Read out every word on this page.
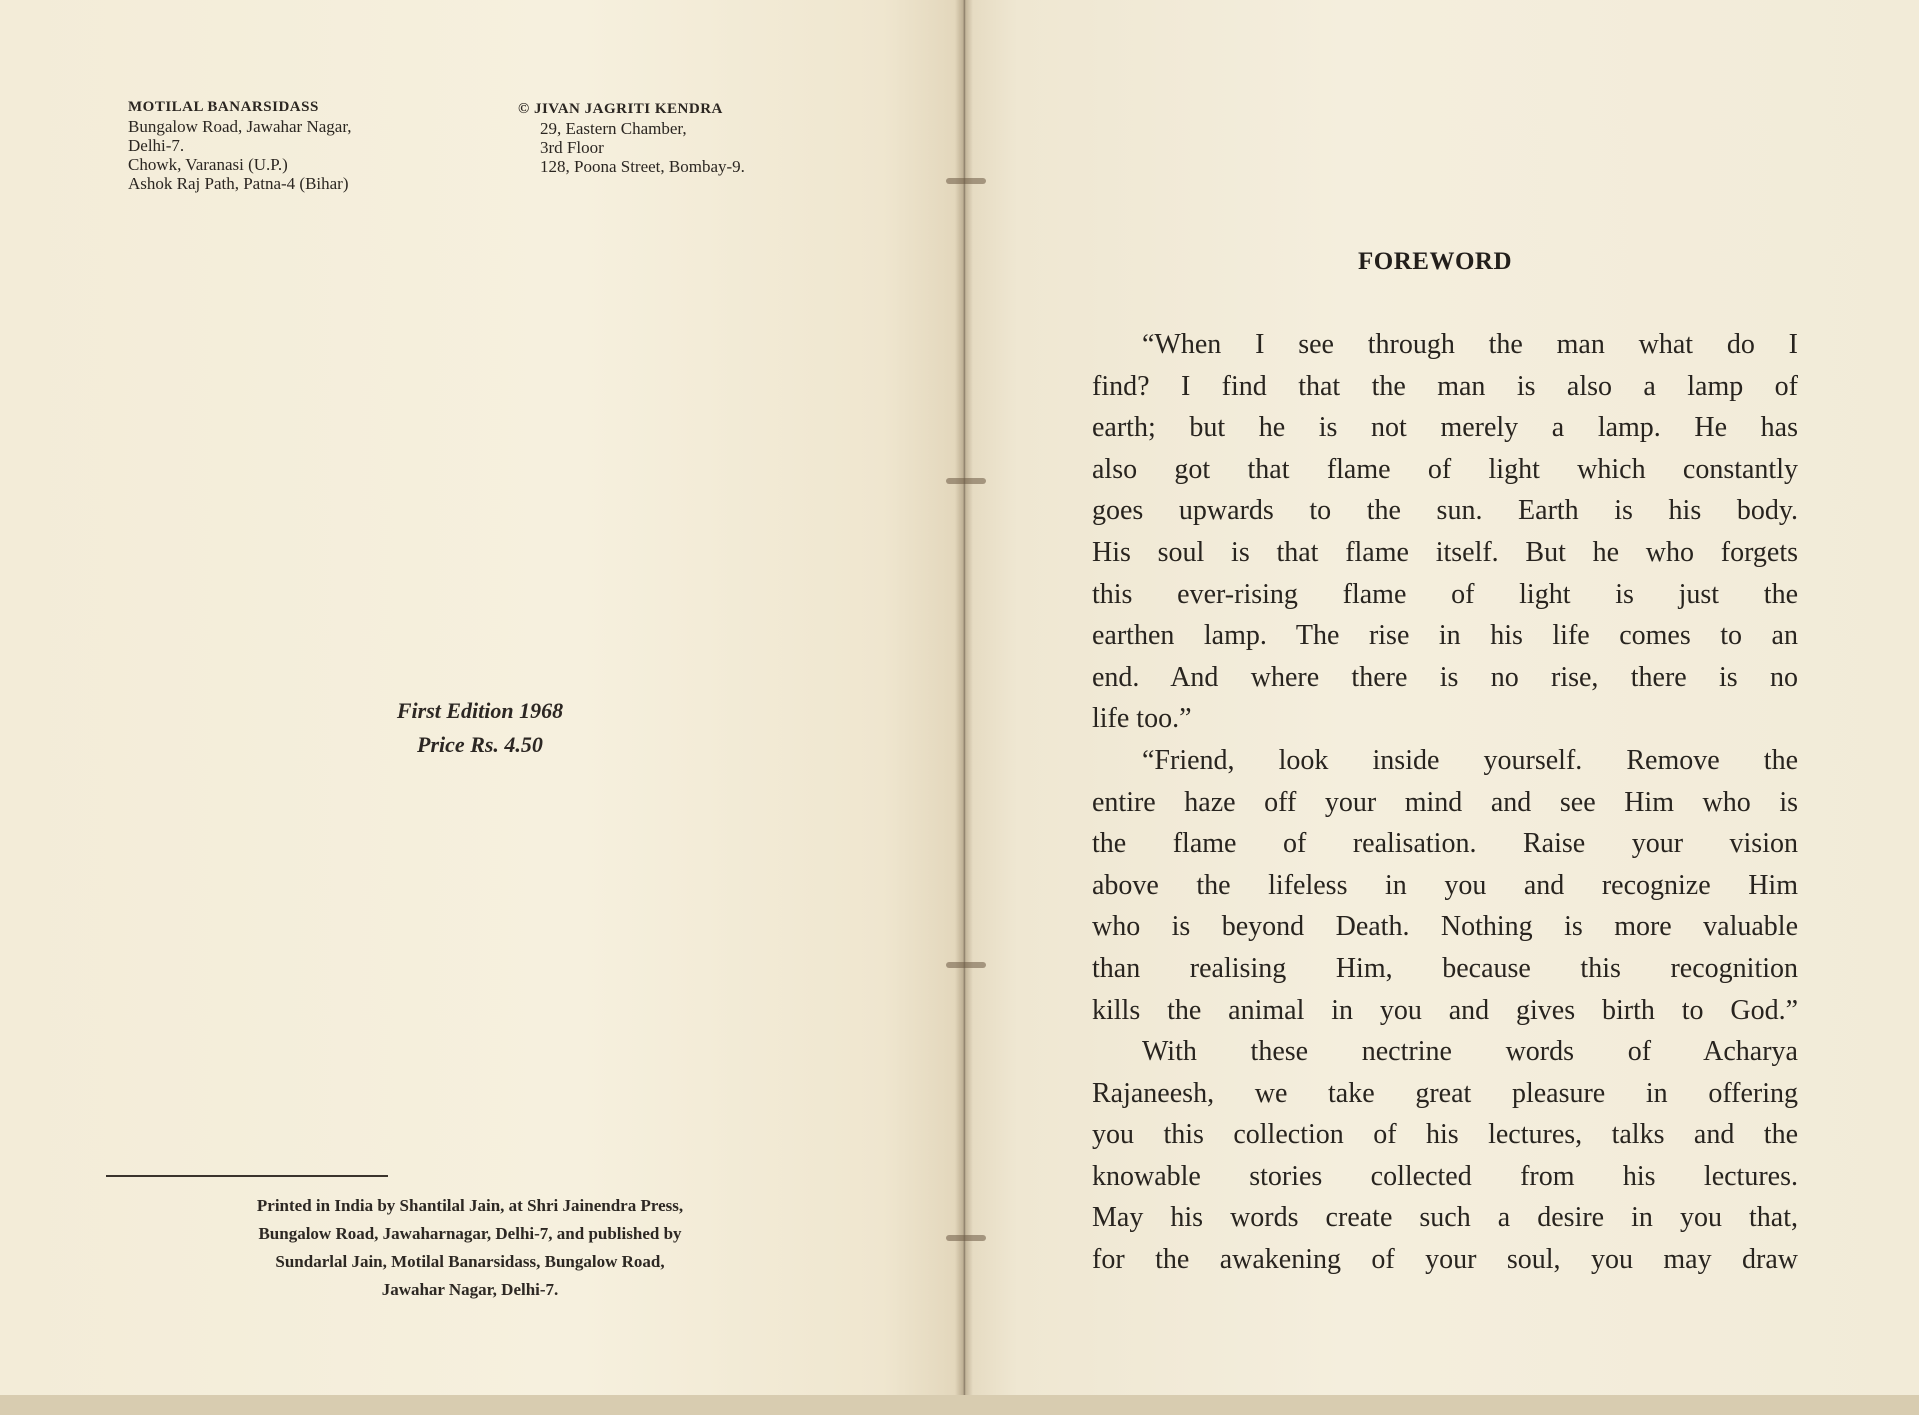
MOTILAL BANARSIDASS
Bungalow Road, Jawahar Nagar,
Delhi-7.
Chowk, Varanasi (U.P.)
Ashok Raj Path, Patna-4 (Bihar)
© JIVAN JAGRITI KENDRA
29, Eastern Chamber,
3rd Floor
128, Poona Street, Bombay-9.
First Edition 1968
Price Rs. 4.50
Printed in India by Shantilal Jain, at Shri Jainendra Press,
Bungalow Road, Jawaharnagar, Delhi-7, and published by
Sundarlal Jain, Motilal Banarsidass, Bungalow Road,
Jawahar Nagar, Delhi-7.
FOREWORD
“When I see through the man what do I
find? I find that the man is also a lamp of
earth; but he is not merely a lamp. He has
also got that flame of light which constantly
goes upwards to the sun. Earth is his body.
His soul is that flame itself. But he who forgets
this ever-rising flame of light is just the
earthen lamp. The rise in his life comes to an
end. And where there is no rise, there is no
life too.”
“Friend, look inside yourself. Remove the
entire haze off your mind and see Him who is
the flame of realisation. Raise your vision
above the lifeless in you and recognize Him
who is beyond Death. Nothing is more valuable
than realising Him, because this recognition
kills the animal in you and gives birth to God.”
With these nectrine words of Acharya
Rajaneesh, we take great pleasure in offering
you this collection of his lectures, talks and the
knowable stories collected from his lectures.
May his words create such a desire in you that,
for the awakening of your soul, you may draw
